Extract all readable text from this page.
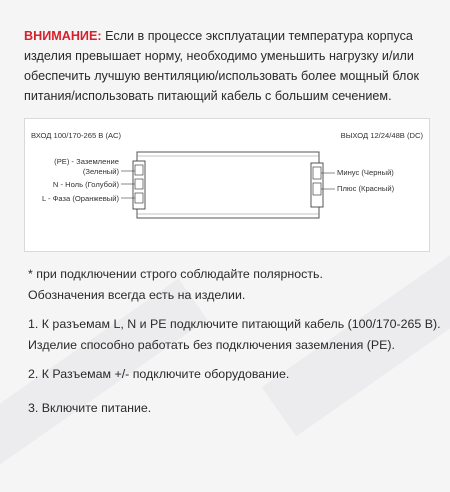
ВНИМАНИЕ: Если в процессе эксплуатации температура корпуса изделия превышает норму, необходимо уменьшить нагрузку и/или обеспечить лучшую вентиляцию/использовать более мощный блок питания/использовать питающий кабель с большим сечением.
ВХОД 100/170-265 В (AC)	ВЫХОД 12/24/48В (DC)
(PE) - Заземление
(Зеленый)
N - Ноль (Голубой)
L - Фаза (Оранжевый)
Минус (Черный)
Плюс (Красный)
* при подключении строго соблюдайте полярность.
Обозначения всегда есть на изделии.
1. К разъемам L, N и PE подключите питающий кабель (100/170-265 В).
Изделие способно работать без подключения заземления (PE).
2. К Разъемам +/- подключите оборудование.
3. Включите питание.
